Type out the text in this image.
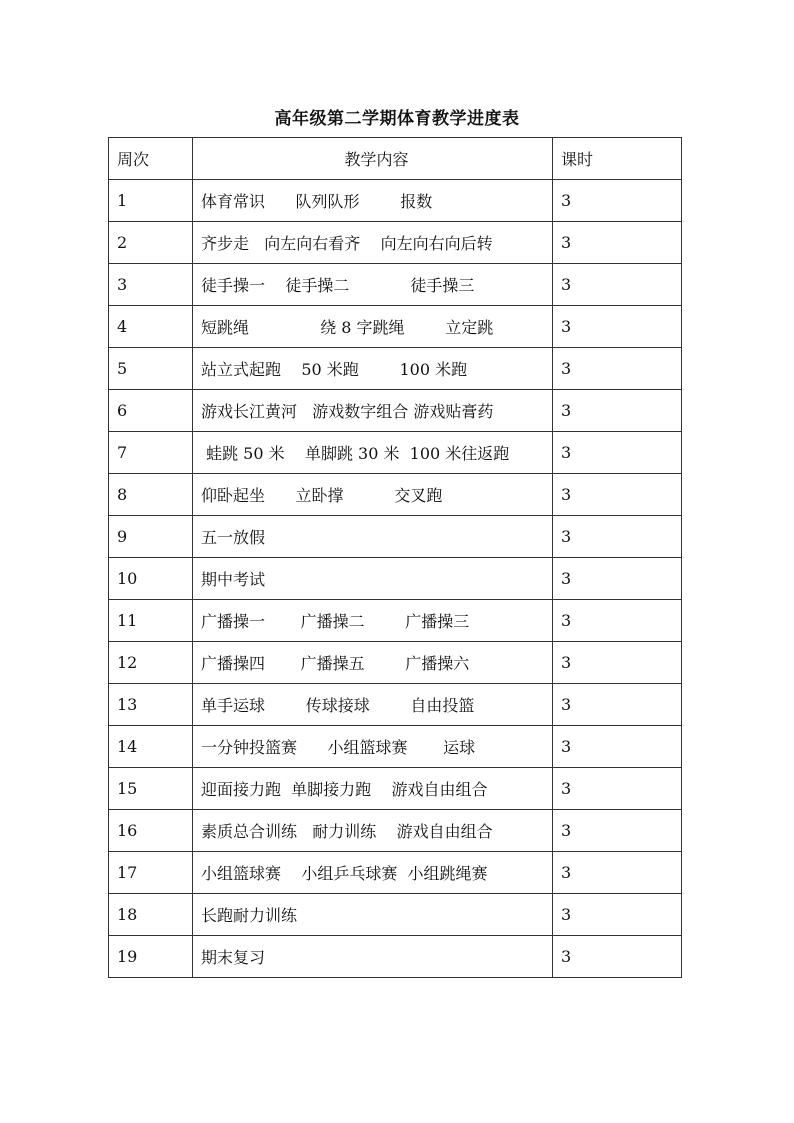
高年级第二学期体育教学进度表
周次	教学内容	课时
1	体育常识      队列队形        报数	3
2	齐步走   向左向右看齐    向左向右向后转	3
3	徒手操一    徒手操二            徒手操三	3
4	短跳绳              绕 8 字跳绳        立定跳	3
5	站立式起跑    50 米跑        100 米跑	3
6	游戏长江黄河   游戏数字组合 游戏贴膏药	3
7	蛙跳 50 米    单脚跳 30 米  100 米往返跑	3
8	仰卧起坐      立卧撑          交叉跑	3
9	五一放假	3
10	期中考试	3
11	广播操一       广播操二        广播操三	3
12	广播操四       广播操五        广播操六	3
13	单手运球        传球接球        自由投篮	3
14	一分钟投篮赛      小组篮球赛       运球	3
15	迎面接力跑  单脚接力跑    游戏自由组合	3
16	素质总合训练   耐力训练    游戏自由组合	3
17	小组篮球赛    小组乒乓球赛  小组跳绳赛	3
18	长跑耐力训练	3
19	期末复习	3
